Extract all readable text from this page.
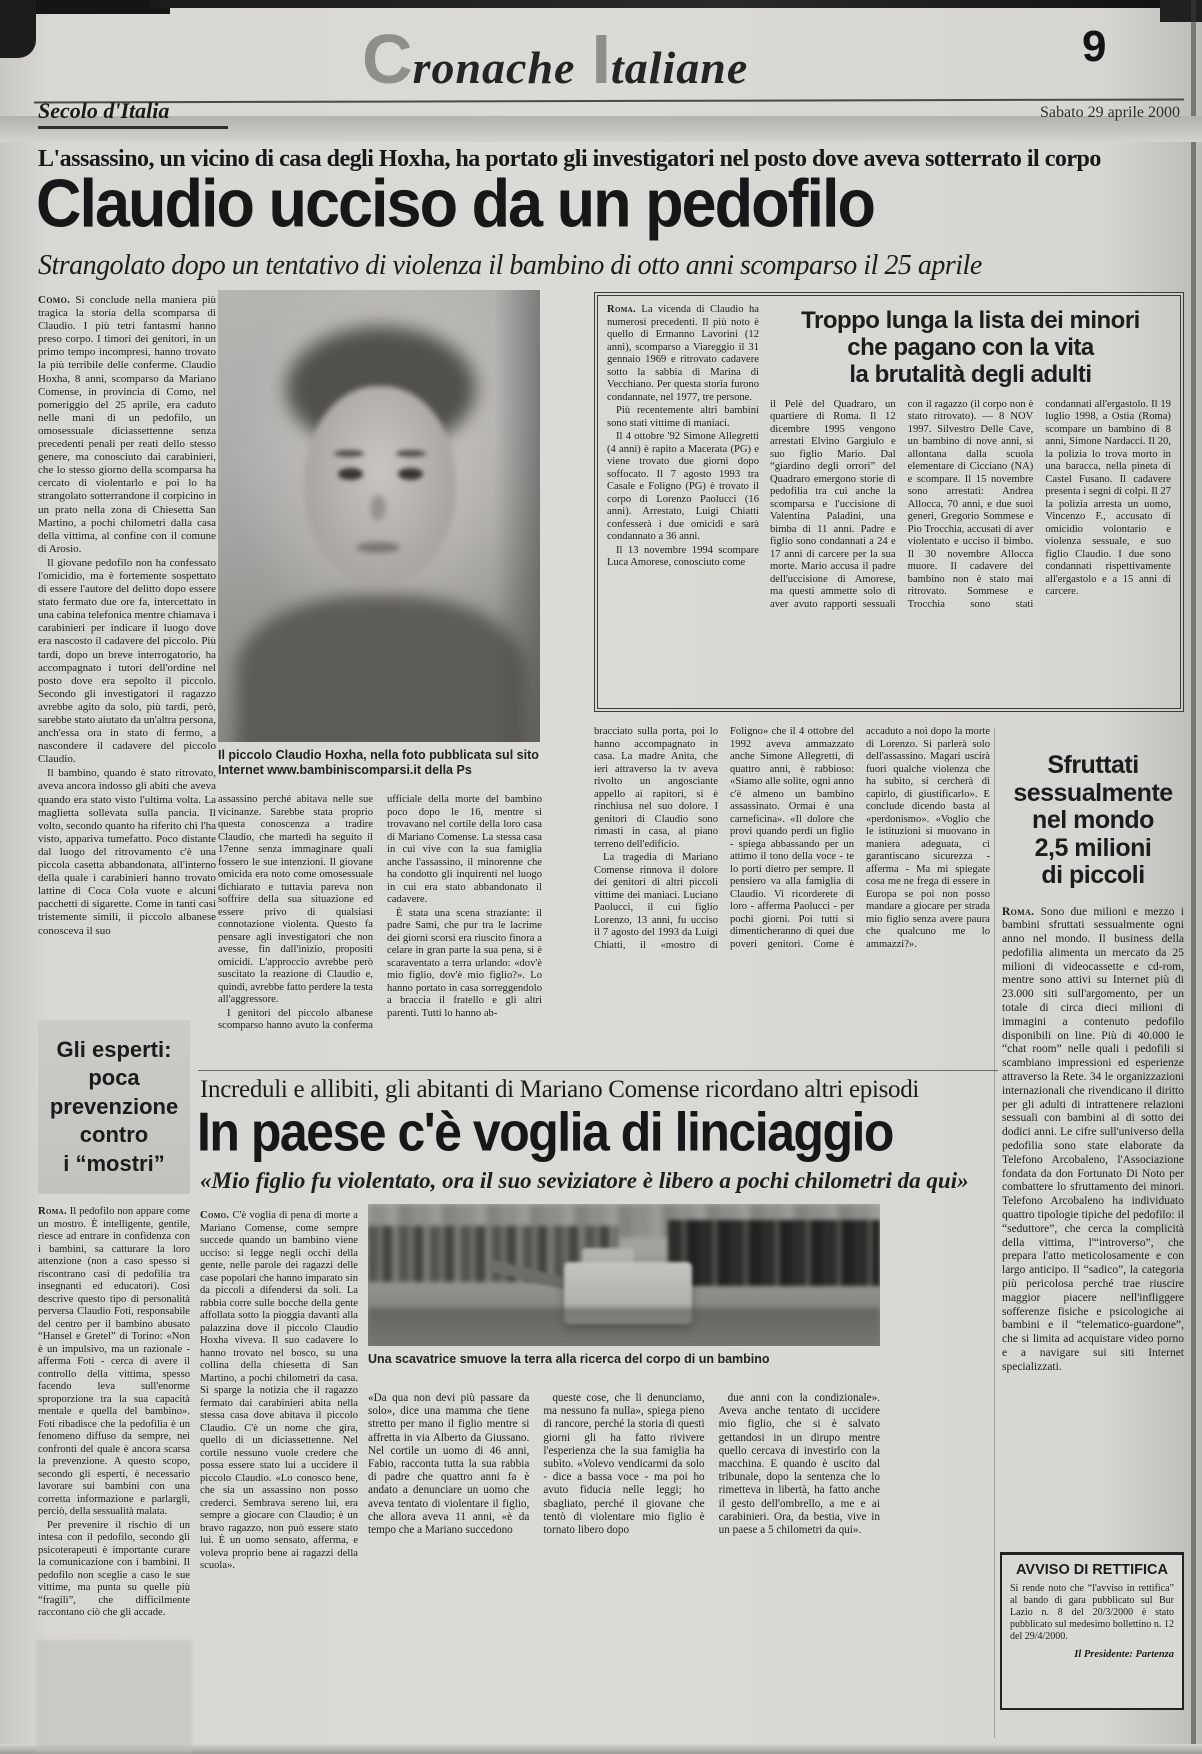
C ronache I taliane	9
Secolo d'Italia	Sabato 29 aprile 2000
L'assassino, un vicino di casa degli Hoxha, ha portato gli investigatori nel posto dove aveva sotterrato il corpo
Claudio ucciso da un pedofilo
Strangolato dopo un tentativo di violenza il bambino di otto anni scomparso il 25 aprile

Como. Si conclude nella maniera più tragica la storia della scomparsa di Claudio. I più tetri fantasmi hanno preso corpo. I timori dei genitori, in un primo tempo incompresi, hanno trovato la più terribile delle conferme. Claudio Hoxha, 8 anni, scomparso da Mariano Comense, in provincia di Como, nel pomeriggio del 25 aprile, era caduto nelle mani di un pedofilo, un omosessuale diciassettenne senza precedenti penali per reati dello stesso genere, ma conosciuto dai carabinieri, che lo stesso giorno della scomparsa ha cercato di violentarlo e poi lo ha strangolato sotterrandone il corpicino in un prato nella zona di Chiesetta San Martino, a pochi chilometri dalla casa della vittima, al confine con il comune di Arosio.

Il giovane pedofilo non ha confessato l'omicidio, ma è fortemente sospettato di essere l'autore del delitto dopo essere stato fermato due ore fa, intercettato in una cabina telefonica mentre chiamava i carabinieri per indicare il luogo dove era nascosto il cadavere del piccolo. Più tardi, dopo un breve interrogatorio, ha accompagnato i tutori dell'ordine nel posto dove era sepolto il piccolo. Secondo gli investigatori il ragazzo avrebbe agito da solo, più tardi, però, sarebbe stato aiutato da un'altra persona, anch'essa ora in stato di fermo, a nascondere il cadavere del piccolo Claudio.

Il bambino, quando è stato ritrovato, aveva ancora indosso gli abiti che aveva quando era stato visto l'ultima volta. La maglietta sollevata sulla pancia. Il volto, secondo quanto ha riferito chi l'ha visto, appariva tumefatto. Poco distante dal luogo del ritrovamento c'è una piccola casetta abbandonata, all'interno della quale i carabinieri hanno trovato lattine di Coca Cola vuote e alcuni pacchetti di sigarette. Come in tanti casi tristemente simili, il piccolo albanese conosceva il suo

Il piccolo Claudio Hoxha, nella foto pubblicata sul sito Internet www.bambiniscomparsi.it della Ps

assassino perché abitava nelle sue vicinanze. Sarebbe stata proprio questa conoscenza a tradire Claudio, che martedì ha seguito il 17enne senza immaginare quali fossero le sue intenzioni. Il giovane omicida era noto come omosessuale dichiarato e tuttavia pareva non soffrire della sua situazione ed essere privo di qualsiasi connotazione violenta. Questo fa pensare agli investigatori che non avesse, fin dall'inizio, propositi omicidi. L'approccio avrebbe però suscitato la reazione di Claudio e, quindi, avrebbe fatto perdere la testa all'aggressore.

I genitori del piccolo albanese scomparso hanno avuto la conferma ufficiale della morte del bambino poco dopo le 16, mentre si trovavano nel cortile della loro casa di Mariano Comense. La stessa casa in cui vive con la sua famiglia anche l'assassino, il minorenne che ha condotto gli inquirenti nel luogo in cui era stato abbandonato il cadavere.

È stata una scena straziante: il padre Sami, che pur tra le lacrime dei giorni scorsi era riuscito finora a celare in gran parte la sua pena, si è scaraventato a terra urlando: «dov'è mio figlio, dov'è mio figlio?». Lo hanno portato in casa sorreggendolo a braccia il fratello e gli altri parenti. Tutti lo hanno ab-

Roma. La vicenda di Claudio ha numerosi precedenti. Il più noto è quello di Ermanno Lavorini (12 anni), scomparso a Viareggio il 31 gennaio 1969 e ritrovato cadavere sotto la sabbia di Marina di Vecchiano. Per questa storia furono condannate, nel 1977, tre persone.

Più recentemente altri bambini sono stati vittime di maniaci.

Il 4 ottobre '92 Simone Allegretti (4 anni) è rapito a Macerata (PG) e viene trovato due giorni dopo soffocato. Il 7 agosto 1993 tra Casale e Foligno (PG) è trovato il corpo di Lorenzo Paolucci (16 anni). Arrestato, Luigi Chiatti confesserà i due omicidi e sarà condannato a 36 anni.

Il 13 novembre 1994 scompare Luca Amorese, conosciuto come

Troppo lunga la lista dei minori
che pagano con la vita
la brutalità degli adulti

il Pelè del Quadraro, un quartiere di Roma. Il 12 dicembre 1995 vengono arrestati Elvino Gargiulo e suo figlio Mario. Dal “giardino degli orrori” del Quadraro emergono storie di pedofilia tra cui anche la scomparsa e l'uccisione di Valentina Paladini, una bimba di 11 anni. Padre e figlio sono condannati a 24 e 17 anni di carcere per la sua morte. Mario accusa il padre dell'uccisione di Amorese, ma questi ammette solo di aver avuto rapporti sessuali con il ragazzo (il corpo non è stato ritrovato). — 8 NOV 1997. Silvestro Delle Cave, un bambino di nove anni, si allontana dalla scuola elementare di Cicciano (NA) e scompare. Il 15 novembre sono arrestati: Andrea Allocca, 70 anni, e due suoi generi, Gregorio Sommese e Pio Trocchia, accusati di aver violentato e ucciso il bimbo. Il 30 novembre Allocca muore. Il cadavere del bambino non è stato mai ritrovato. Sommese e Trocchia sono stati condannati all'ergastolo. Il 19 luglio 1998, a Ostia (Roma) scompare un bambino di 8 anni, Simone Nardacci. Il 20, la polizia lo trova morto in una baracca, nella pineta di Castel Fusano. Il cadavere presenta i segni di colpi. Il 27 la polizia arresta un uomo, Vincenzo F., accusato di omicidio volontario e violenza sessuale, e suo figlio Claudio. I due sono condannati rispettivamente all'ergastolo e a 15 anni di carcere.

bracciato sulla porta, poi lo hanno accompagnato in casa. La madre Anita, che ieri attraverso la tv aveva rivolto un angosciante appello ai rapitori, si è rinchiusa nel suo dolore. I genitori di Claudio sono rimasti in casa, al piano terreno dell'edificio.

La tragedia di Mariano Comense rinnova il dolore dei genitori di altri piccoli vittime dei maniaci. Luciano Paolucci, il cui figlio Lorenzo, 13 anni, fu ucciso il 7 agosto del 1993 da Luigi Chiatti, il «mostro di Foligno» che il 4 ottobre del 1992 aveva ammazzato anche Simone Allegretti, di quattro anni, è rabbioso: «Siamo alle solite, ogni anno c'è almeno un bambino assassinato. Ormai è una carneficina». «Il dolore che provi quando perdi un figlio - spiega abbassando per un attimo il tono della voce - te lo porti dietro per sempre. Il pensiero va alla famiglia di Claudio. Vi ricorderete di loro - afferma Paolucci - per pochi giorni. Poi tutti si dimenticheranno di quei due poveri genitori. Come è accaduto a noi dopo la morte di Lorenzo. Si parlerà solo dell'assassino. Magari uscirà fuori qualche violenza che ha subìto, si cercherà di capirlo, di giustificarlo». E conclude dicendo basta al «perdonismo». «Voglio che le istituzioni si muovano in maniera adeguata, ci garantiscano sicurezza - afferma - Ma mi spiegate cosa me ne frega di essere in Europa se poi non posso mandare a giocare per strada mio figlio senza avere paura che qualcuno me lo ammazzi?».

Sfruttati
sessualmente
nel mondo
2,5 milioni
di piccoli

Roma. Sono due milioni e mezzo i bambini sfruttati sessualmente ogni anno nel mondo. Il business della pedofilia alimenta un mercato da 25 milioni di videocassette e cd-rom, mentre sono attivi su Internet più di 23.000 siti sull'argomento, per un totale di circa dieci milioni di immagini a contenuto pedofilo disponibili on line. Più di 40.000 le “chat room” nelle quali i pedofili si scambiano impressioni ed esperienze attraverso la Rete. 34 le organizzazioni internazionali che rivendicano il diritto per gli adulti di intrattenere relazioni sessuali con bambini al di sotto dei dodici anni. Le cifre sull'universo della pedofilia sono state elaborate da Telefono Arcobaleno, l'Associazione fondata da don Fortunato Di Noto per combattere lo sfruttamento dei minori. Telefono Arcobaleno ha individuato quattro tipologie tipiche del pedofilo: il “seduttore”, che cerca la complicità della vittima, l'“introverso”, che prepara l'atto meticolosamente e con largo anticipo. Il “sadico”, la categoria più pericolosa perché trae riuscire maggior piacere nell'infliggere sofferenze fisiche e psicologiche ai bambini e il “telematico-guardone”, che si limita ad acquistare video porno e a navigare sui siti Internet specializzati.

Gli esperti:
poca
prevenzione
contro
i “mostri”

Roma. Il pedofilo non appare come un mostro. È intelligente, gentile, riesce ad entrare in confidenza con i bambini, sa catturare la loro attenzione (non a caso spesso si riscontrano casi di pedofilia tra insegnanti ed educatori). Così descrive questo tipo di personalità perversa Claudio Foti, responsabile del centro per il bambino abusato “Hansel e Gretel” di Torino: «Non è un impulsivo, ma un razionale - afferma Foti - cerca di avere il controllo della vittima, spesso facendo leva sull'enorme sproporzione tra la sua capacità mentale e quella del bambino». Foti ribadisce che la pedofilia è un fenomeno diffuso da sempre, nei confronti del quale è ancora scarsa la prevenzione. A questo scopo, secondo gli esperti, è necessario lavorare sui bambini con una corretta informazione e parlargli, perciò, della sessualità malata.

Per prevenire il rischio di un intesa con il pedofilo, secondo gli psicoterapeuti è importante curare la comunicazione con i bambini. Il pedofilo non sceglie a caso le sue vittime, ma punta su quelle più “fragili”, che difficilmente raccontano ciò che gli accade.

Increduli e allibiti, gli abitanti di Mariano Comense ricordano altri episodi
In paese c'è voglia di linciaggio
«Mio figlio fu violentato, ora il suo seviziatore è libero a pochi chilometri da qui»

Como. C'è voglia di pena di morte a Mariano Comense, come sempre succede quando un bambino viene ucciso: si legge negli occhi della gente, nelle parole dei ragazzi delle case popolari che hanno imparato sin da piccoli a difendersi da soli. La rabbia corre sulle bocche della gente affollata sotto la pioggia davanti alla palazzina dove il piccolo Claudio Hoxha viveva. Il suo cadavere lo hanno trovato nel bosco, su una collina della chiesetta di San Martino, a pochi chilometri da casa. Si sparge la notizia che il ragazzo fermato dai carabinieri abita nella stessa casa dove abitava il piccolo Claudio. C'è un nome che gira, quello di un diciassettenne. Nel cortile nessuno vuole credere che possa essere stato lui a uccidere il piccolo Claudio. «Lo conosco bene, che sia un assassino non posso crederci. Sembrava sereno lui, era sempre a giocare con Claudio; è un bravo ragazzo, non può essere stato lui. È un uomo sensato, afferma, e voleva proprio bene ai ragazzi della scuola».

Una scavatrice smuove la terra alla ricerca del corpo di un bambino

«Da qua non devi più passare da solo», dice una mamma che tiene stretto per mano il figlio mentre si affretta in via Alberto da Giussano. Nel cortile un uomo di 46 anni, Fabio, racconta tutta la sua rabbia di padre che quattro anni fa è andato a denunciare un uomo che aveva tentato di violentare il figlio, che allora aveva 11 anni, «è da tempo che a Mariano succedono

queste cose, che li denunciamo, ma nessuno fa nulla», spiega pieno di rancore, perché la storia di questi giorni gli ha fatto rivivere l'esperienza che la sua famiglia ha subìto. «Volevo vendicarmi da solo - dice a bassa voce - ma poi ho avuto fiducia nelle leggi; ho sbagliato, perché il giovane che tentò di violentare mio figlio è tornato libero dopo

due anni con la condizionale». Aveva anche tentato di uccidere mio figlio, che si è salvato gettandosi in un dirupo mentre quello cercava di investirlo con la macchina. E quando è uscito dal tribunale, dopo la sentenza che lo rimetteva in libertà, ha fatto anche il gesto dell'ombrello, a me e ai carabinieri. Ora, da bestia, vive in un paese a 5 chilometri da qui».

AVVISO DI RETTIFICA
Si rende noto che “l'avviso in rettifica” al bando di gara pubblicato sul Bur Lazio n. 8 del 20/3/2000 è stato pubblicato sul medesimo bollettino n. 12 del 29/4/2000.
Il Presidente: Partenza
